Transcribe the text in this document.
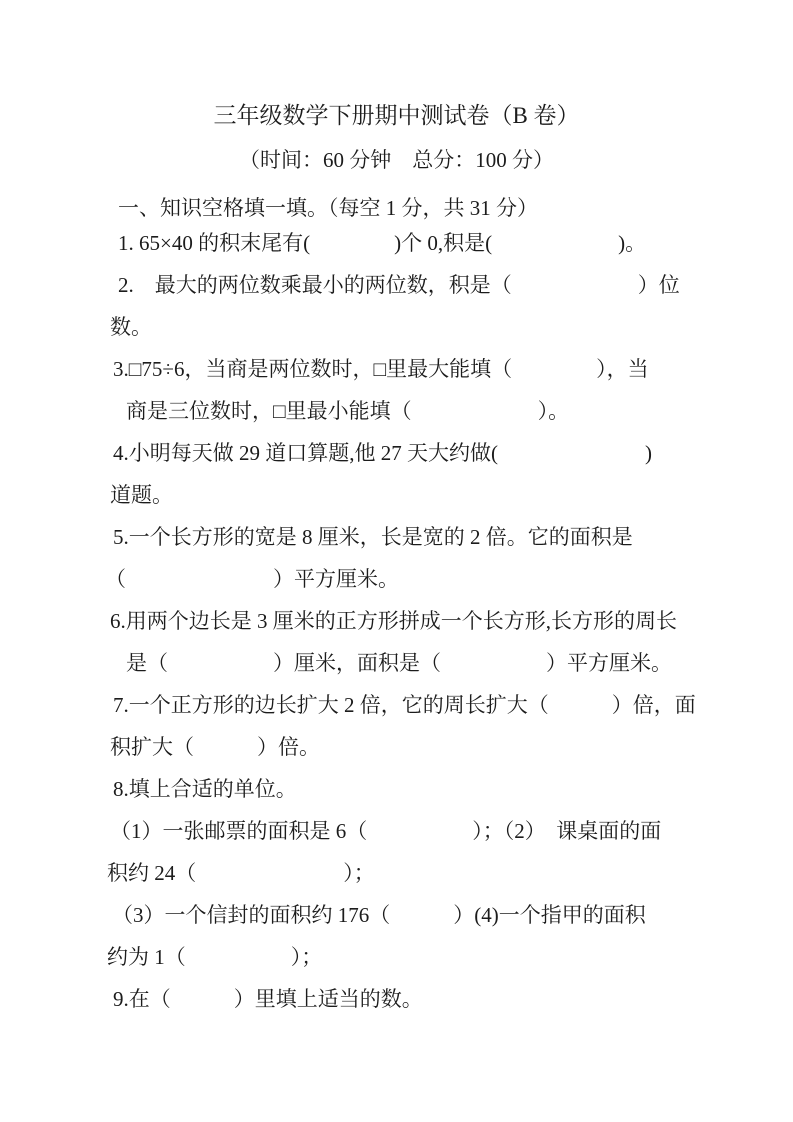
三年级数学下册期中测试卷（B 卷）
（时间：60 分钟　总分：100 分）
一、知识空格填一填。（每空 1 分，共 31 分）
1. 65×40 的积末尾有(　　　　)个 0,积是(　　　　　　)。
2.　最大的两位数乘最小的两位数，积是（　　　　　　）位
数。
3.□75÷6，当商是两位数时，□里最大能填（　　　　），当
商是三位数时，□里最小能填（　　　　　　）。
4.小明每天做 29 道口算题,他 27 天大约做(　　　　　　　)
道题。
5.一个长方形的宽是 8 厘米，长是宽的 2 倍。它的面积是
（　　　　　　　）平方厘米。
6.用两个边长是 3 厘米的正方形拼成一个长方形,长方形的周长
是（　　　　　）厘米，面积是（　　　　　）平方厘米。
7.一个正方形的边长扩大 2 倍，它的周长扩大（　　　）倍，面
积扩大（　　　）倍。
8.填上合适的单位。
（1）一张邮票的面积是 6（　　　　　）；（2）　课桌面的面
积约 24（　　　　　　　）；
（3）一个信封的面积约 176（　　　）(4)一个指甲的面积
约为 1（　　　　　）；
9.在（　　　）里填上适当的数。
